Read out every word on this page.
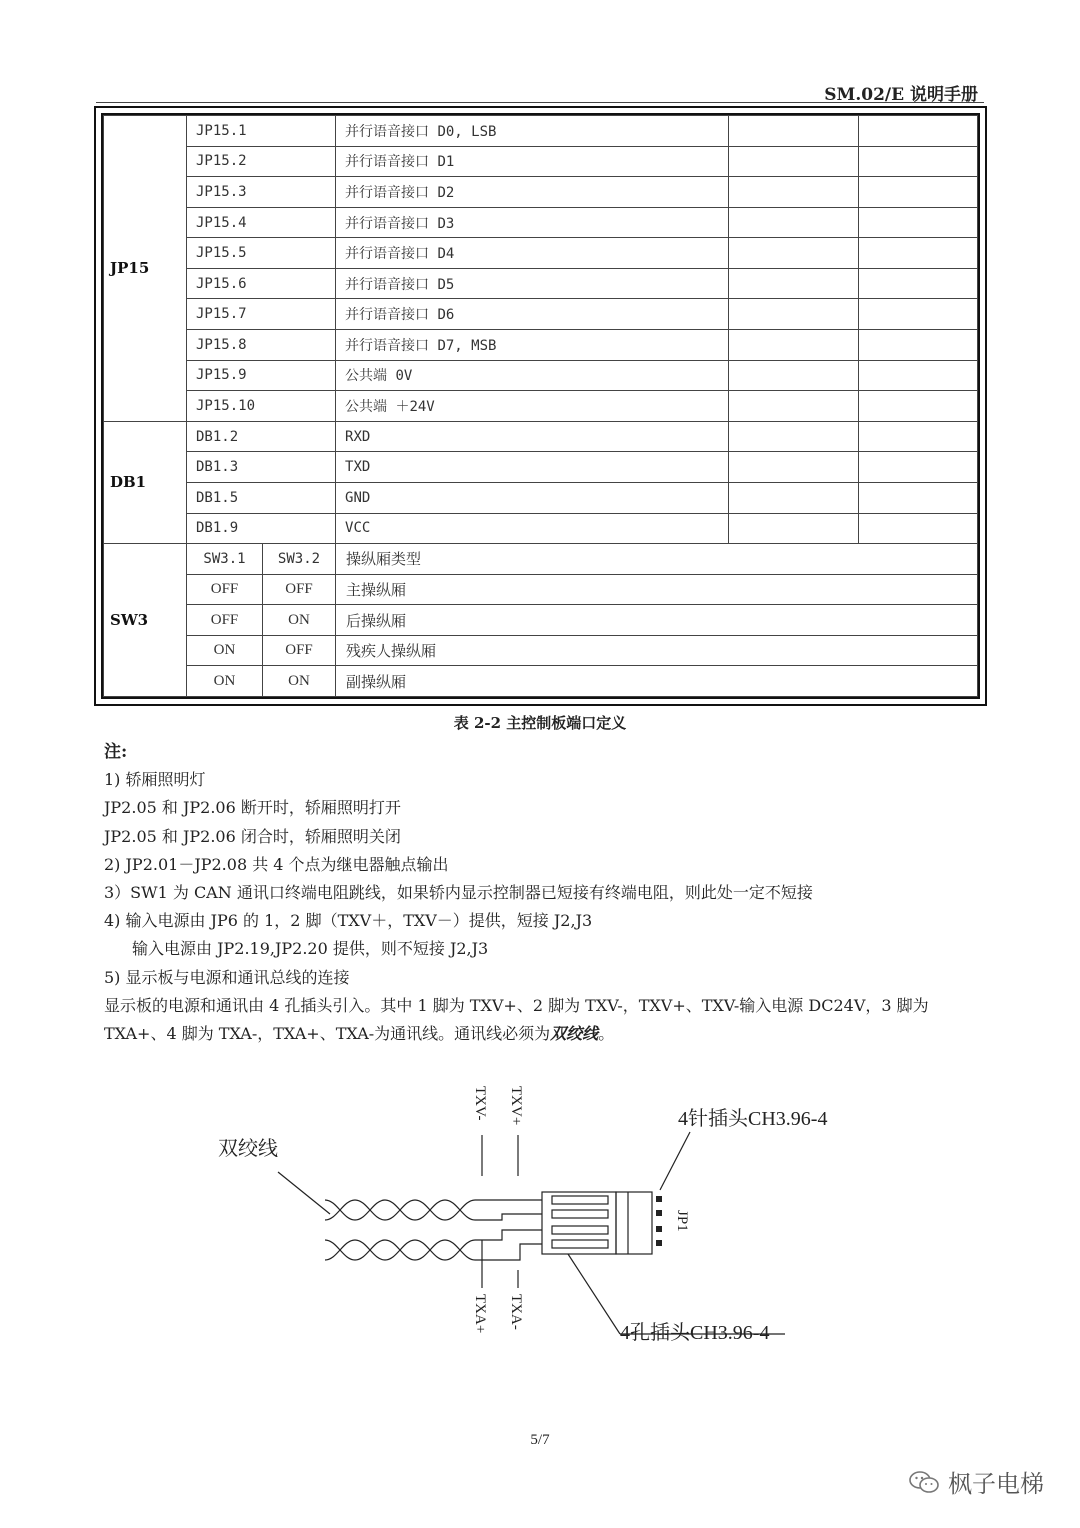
SM.02/E 说明手册
JP15	JP15.1		并行语音接口 D0, LSB		
	JP15.2		并行语音接口 D1		
	JP15.3		并行语音接口 D2		
	JP15.4		并行语音接口 D3		
	JP15.5		并行语音接口 D4		
	JP15.6		并行语音接口 D5		
	JP15.7		并行语音接口 D6		
	JP15.8		并行语音接口 D7, MSB		
	JP15.9		公共端 0V		
	JP15.10		公共端 ＋24V		
DB1	DB1.2		RXD		
	DB1.3		TXD		
	DB1.5		GND		
	DB1.9		VCC		
SW3	SW3.1	SW3.2	操纵厢类型		
	OFF	OFF	主操纵厢		
	OFF	ON	后操纵厢		
	ON	OFF	残疾人操纵厢		
	ON	ON	副操纵厢		
表 2-2 主控制板端口定义

注:

1) 轿厢照明灯

JP2.05 和 JP2.06 断开时，轿厢照明打开

JP2.05 和 JP2.06 闭合时，轿厢照明关闭

2) JP2.01－JP2.08 共 4 个点为继电器触点输出

3）SW1 为 CAN 通讯口终端电阻跳线，如果轿内显示控制器已短接有终端电阻，则此处一定不短接

4) 输入电源由 JP6 的 1，2 脚（TXV＋，TXV－）提供，短接 J2,J3

输入电源由 JP2.19,JP2.20 提供，则不短接 J2,J3

5) 显示板与电源和通讯总线的连接

显示板的电源和通讯由 4 孔插头引入。其中 1 脚为 TXV+、2 脚为 TXV-，TXV+、TXV-输入电源 DC24V，3 脚为 TXA+、4 脚为 TXA-，TXA+、TXA-为通讯线。通讯线必须为双绞线。

双绞线
TXV- TXV+
TXA+ TXA-
4针插头CH3.96-4
4孔插头CH3.96-4
JP1
5/7
枫子电梯
